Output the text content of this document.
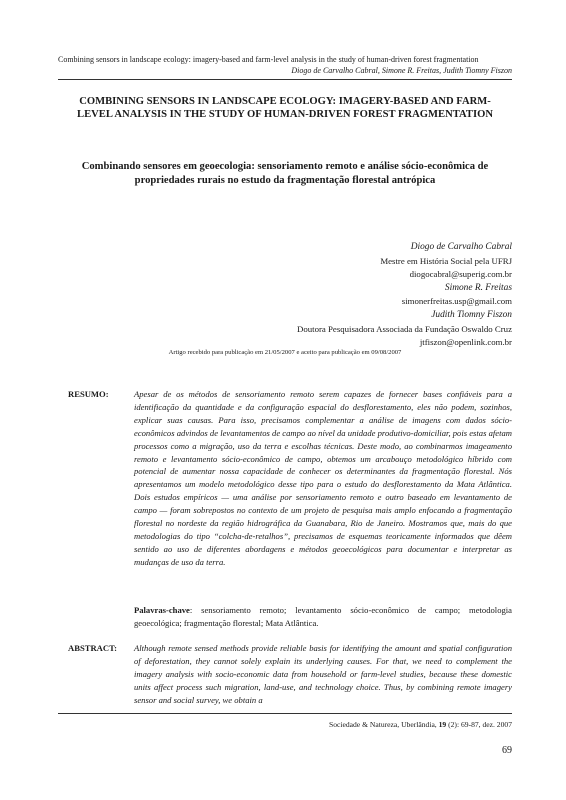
Combining sensors in landscape ecology: imagery-based and farm-level analysis in the study of human-driven forest fragmentation
Diogo de Carvalho Cabral, Simone R. Freitas, Judith Tiomny Fiszon
COMBINING SENSORS IN LANDSCAPE ECOLOGY: IMAGERY-BASED AND FARM-LEVEL ANALYSIS IN THE STUDY OF HUMAN-DRIVEN FOREST FRAGMENTATION
Combinando sensores em geoecologia: sensoriamento remoto e análise sócio-econômica de propriedades rurais no estudo da fragmentação florestal antrópica
Diogo de Carvalho Cabral
Mestre em História Social pela UFRJ
diogocabral@superig.com.br
Simone R. Freitas
simonerfreitas.usp@gmail.com
Judith Tiomny Fiszon
Doutora Pesquisadora Associada da Fundação Oswaldo Cruz
jtfiszon@openlink.com.br
Artigo recebido para publicação em 21/05/2007 e aceito para publicação em 09/08/2007
RESUMO:	Apesar de os métodos de sensoriamento remoto serem capazes de fornecer bases confiáveis para a identificação da quantidade e da configuração espacial do desflorestamento, eles não podem, sozinhos, explicar suas causas. Para isso, precisamos complementar a análise de imagens com dados sócio-econômicos advindos de levantamentos de campo ao nível da unidade produtivo-domiciliar, pois estas afetam processos como a migração, uso da terra e escolhas técnicas. Deste modo, ao combinarmos imageamento remoto e levantamento sócio-econômico de campo, obtemos um arcabouço metodológico híbrido com potencial de aumentar nossa capacidade de conhecer os determinantes da fragmentação florestal. Nós apresentamos um modelo metodológico desse tipo para o estudo do desflorestamento da Mata Atlântica. Dois estudos empíricos — uma análise por sensoriamento remoto e outro baseado em levantamento de campo — foram sobrepostos no contexto de um projeto de pesquisa mais amplo enfocando a fragmentação florestal no nordeste da região hidrográfica da Guanabara, Rio de Janeiro. Mostramos que, mais do que metodologias do tipo “colcha-de-retalhos”, precisamos de esquemas teoricamente informados que dêem sentido ao uso de diferentes abordagens e métodos geoecológicos para documentar e interpretar as mudanças de uso da terra.
Palavras-chave: sensoriamento remoto; levantamento sócio-econômico de campo; metodologia geoecológica; fragmentação florestal; Mata Atlântica.
ABSTRACT:	Although remote sensed methods provide reliable basis for identifying the amount and spatial configuration of deforestation, they cannot solely explain its underlying causes. For that, we need to complement the imagery analysis with socio-economic data from household or farm-level studies, because these domestic units affect process such migration, land-use, and technology choice. Thus, by combining remote imagery sensor and social survey, we obtain a
Sociedade & Natureza, Uberlândia, 19 (2): 69-87, dez. 2007
69
